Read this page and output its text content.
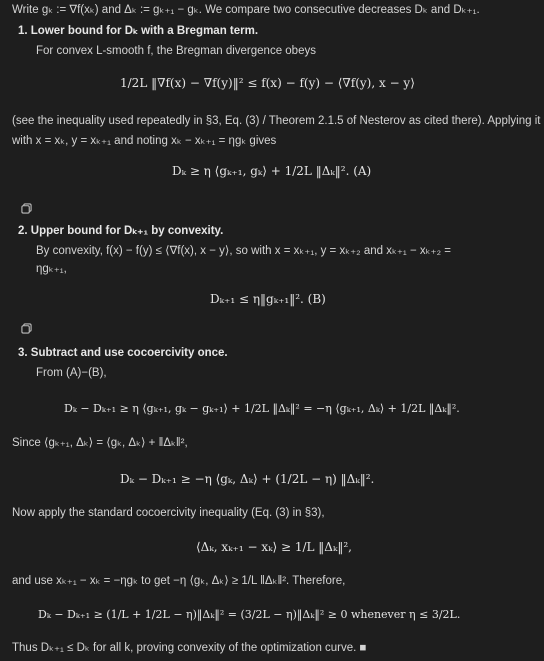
Write gₖ := ∇f(xₖ) and Δₖ := gₖ₊₁ − gₖ. We compare two consecutive decreases Dₖ and Dₖ₊₁.
1. Lower bound for Dₖ with a Bregman term.
For convex L-smooth f, the Bregman divergence obeys
1/2L ‖∇f(x) − ∇f(y)‖² ≤ f(x) − f(y) − ⟨∇f(y), x − y⟩
(see the inequality used repeatedly in §3, Eq. (3) / Theorem 2.1.5 of Nesterov as cited there). Applying it
with x = xₖ, y = xₖ₊₁ and noting xₖ − xₖ₊₁ = ηgₖ gives
Dₖ ≥ η ⟨gₖ₊₁, gₖ⟩ + 1/2L ‖Δₖ‖². (A)
2. Upper bound for Dₖ₊₁ by convexity.
By convexity, f(x) − f(y) ≤ ⟨∇f(x), x − y⟩, so with x = xₖ₊₁, y = xₖ₊₂ and xₖ₊₁ − xₖ₊₂ =
ηgₖ₊₁,
Dₖ₊₁ ≤ η‖gₖ₊₁‖². (B)
3. Subtract and use cocoercivity once.
From (A)−(B),
Dₖ − Dₖ₊₁ ≥ η ⟨gₖ₊₁, gₖ − gₖ₊₁⟩ + 1/2L ‖Δₖ‖² = −η ⟨gₖ₊₁, Δₖ⟩ + 1/2L ‖Δₖ‖².
Since ⟨gₖ₊₁, Δₖ⟩ = ⟨gₖ, Δₖ⟩ + ‖Δₖ‖²,
Dₖ − Dₖ₊₁ ≥ −η ⟨gₖ, Δₖ⟩ + (1/2L − η) ‖Δₖ‖².
Now apply the standard cocoercivity inequality (Eq. (3) in §3),
⟨Δₖ, xₖ₊₁ − xₖ⟩ ≥ 1/L ‖Δₖ‖²,
and use xₖ₊₁ − xₖ = −ηgₖ to get −η ⟨gₖ, Δₖ⟩ ≥ 1/L ‖Δₖ‖². Therefore,
Dₖ − Dₖ₊₁ ≥ (1/L + 1/2L − η)‖Δₖ‖² = (3/2L − η)‖Δₖ‖² ≥ 0 whenever η ≤ 3/2L.
Thus Dₖ₊₁ ≤ Dₖ for all k, proving convexity of the optimization curve. ■
